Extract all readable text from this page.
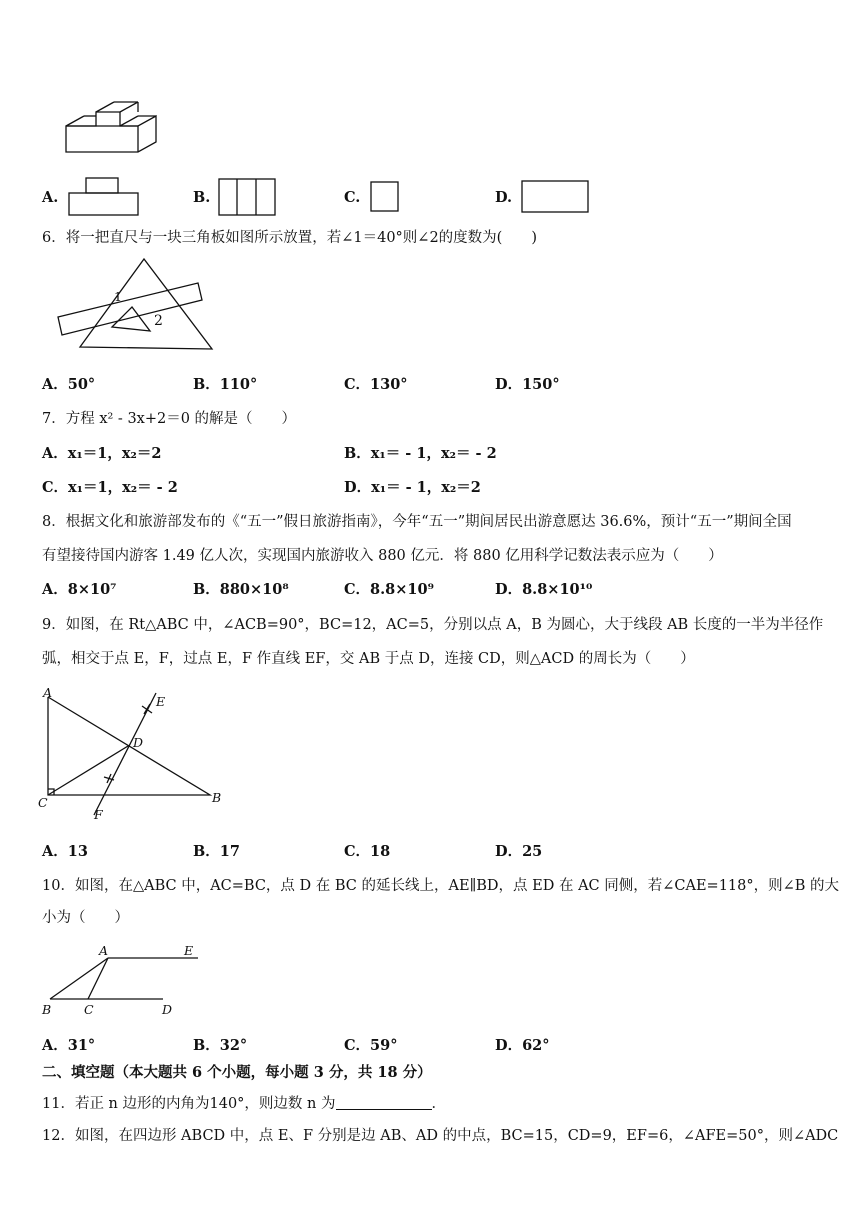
A.	B.	C.	D.
6．将一把直尺与一块三角板如图所示放置，若∠1＝40°则∠2的度数为(　　)
1
2
A．50°	B．110°	C．130°	D．150°
7．方程 x² - 3x+2＝0 的解是（　　）
A．x₁＝1，x₂＝2	B．x₁＝ - 1，x₂＝ - 2
C．x₁＝1，x₂＝ - 2	D．x₁＝ - 1，x₂＝2
8．根据文化和旅游部发布的《“五一”假日旅游指南》，今年“五一”期间居民出游意愿达 36.6%，预计“五一”期间全国
有望接待国内游客 1.49 亿人次，实现国内旅游收入 880 亿元．将 880 亿用科学记数法表示应为（　　）
A．8×10⁷	B．880×10⁸	C．8.8×10⁹	D．8.8×10¹⁰
9．如图，在 Rt△ABC 中，∠ACB=90°，BC=12，AC=5，分别以点 A，B 为圆心，大于线段 AB 长度的一半为半径作
弧，相交于点 E，F，过点 E，F 作直线 EF，交 AB 于点 D，连接 CD，则△ACD 的周长为（　　）
A
E
D
C	B
F
A．13	B．17	C．18	D．25
10．如图，在△ABC 中，AC=BC，点 D 在 BC 的延长线上，AE∥BD，点 ED 在 AC 同侧，若∠CAE=118°，则∠B 的大
小为（　　）
A	E
B	C	D
A．31°	B．32°	C．59°	D．62°
二、填空题（本大题共 6 个小题，每小题 3 分，共 18 分）
11．若正 n 边形的内角为140°，则边数 n 为	．
12．如图，在四边形 ABCD 中，点 E、F 分别是边 AB、AD 的中点，BC=15，CD=9，EF=6，∠AFE=50°，则∠ADC
